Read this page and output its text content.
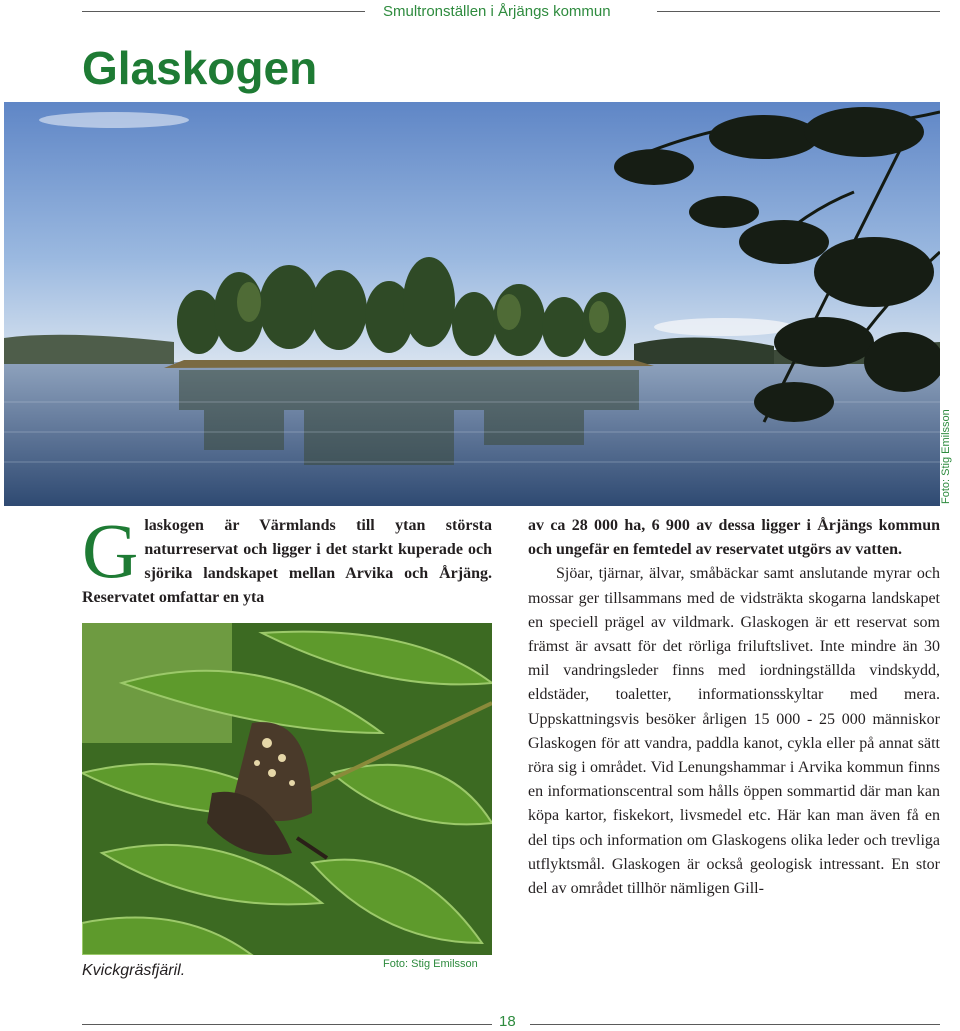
Smultronställen i Årjängs kommun
Glaskogen
Foto: Stig Emilsson

Glaskogen är Värmlands till ytan största naturreservat och ligger i det starkt kuperade och sjörika landskapet mellan Arvika och Årjäng. Reservatet omfattar en yta

Kvickgräsfjäril.	Foto: Stig Emilsson

av ca 28 000 ha, 6 900 av dessa ligger i Årjängs kommun och ungefär en femtedel av reservatet utgörs av vatten.

Sjöar, tjärnar, älvar, småbäckar samt anslutande myrar och mossar ger tillsammans med de vidsträkta skogarna landskapet en speciell prägel av vildmark. Glaskogen är ett reservat som främst är avsatt för det rörliga friluftslivet. Inte mindre än 30 mil vandringsleder finns med iordningställda vindskydd, eldstäder, toaletter, informationsskyltar med mera. Uppskattningsvis besöker årligen 15 000 - 25 000 människor Glaskogen för att vandra, paddla kanot, cykla eller på annat sätt röra sig i området. Vid Lenungshammar i Arvika kommun finns en informationscentral som hålls öppen sommartid där man kan köpa kartor, fiskekort, livsmedel etc. Här kan man även få en del tips och information om Glaskogens olika leder och trevliga utflyktsmål. Glaskogen är också geologisk intressant. En stor del av området tillhör nämligen Gill-

18
